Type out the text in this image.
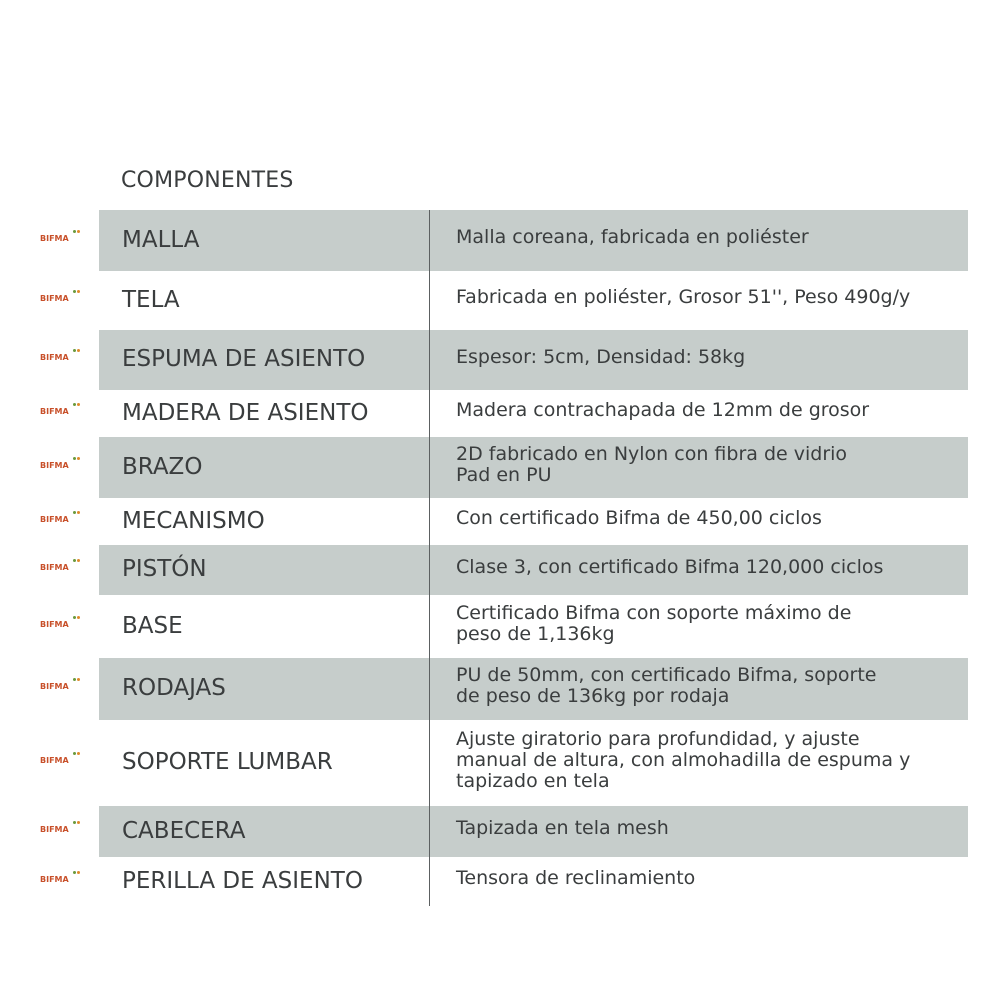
COMPONENTES
BIFMA	MALLA	Malla coreana, fabricada en poliéster
BIFMA	TELA	Fabricada en poliéster, Grosor 51'', Peso 490g/y
BIFMA	ESPUMA DE ASIENTO	Espesor: 5cm, Densidad: 58kg
BIFMA	MADERA DE ASIENTO	Madera contrachapada de 12mm de grosor
BIFMA	BRAZO	2D fabricado en Nylon con fibra de vidrio
Pad en PU
BIFMA	MECANISMO	Con certificado Bifma de 450,00 ciclos
BIFMA	PISTÓN	Clase 3, con certificado Bifma 120,000 ciclos
BIFMA	BASE	Certificado Bifma con soporte máximo de
peso de 1,136kg
BIFMA	RODAJAS	PU de 50mm, con certificado Bifma, soporte
de peso de 136kg por rodaja
BIFMA	SOPORTE LUMBAR
Ajuste giratorio para profundidad, y ajuste
manual de altura, con almohadilla de espuma y
tapizado en tela
BIFMA	CABECERA	Tapizada en tela mesh
BIFMA	PERILLA DE ASIENTO	Tensora de reclinamiento
